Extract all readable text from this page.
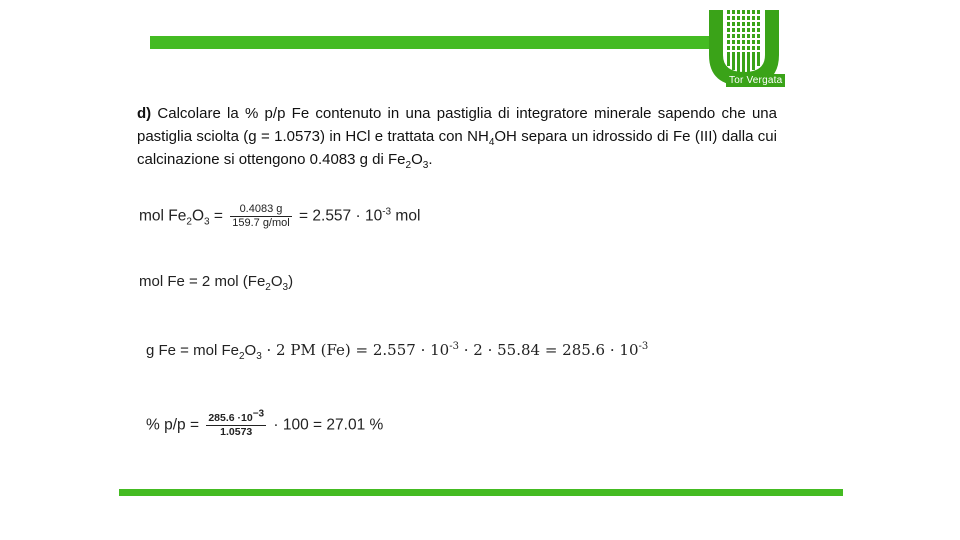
Tor Vergata
d) Calcolare la % p/p Fe contenuto in una pastiglia di integratore minerale sapendo che una pastiglia sciolta (g = 1.0573) in HCl e trattata con $NH_4OH$ separa un idrossido di Fe (III) dalla cui calcinazione si ottengono 0.4083 g di $Fe_2O_3$.
mol $Fe_2O_3 = \frac{0.4083 g}{\text{159.7 g/mol}} = 2.557 \cdot 10^{-3}$ mol
mol Fe = 2 mol $(Fe_2O_3)$
g Fe = mol $Fe_2O_3 \cdot 2$ PM $(Fe) = 2.557 \cdot 10^{-3} \cdot 2 \cdot 55.84 = 285.6 \cdot 10^{-3}$
% $p/p = \frac{285.6 \cdot 10^{-3}}{1.0573} \cdot 100 = 27.01$ %
